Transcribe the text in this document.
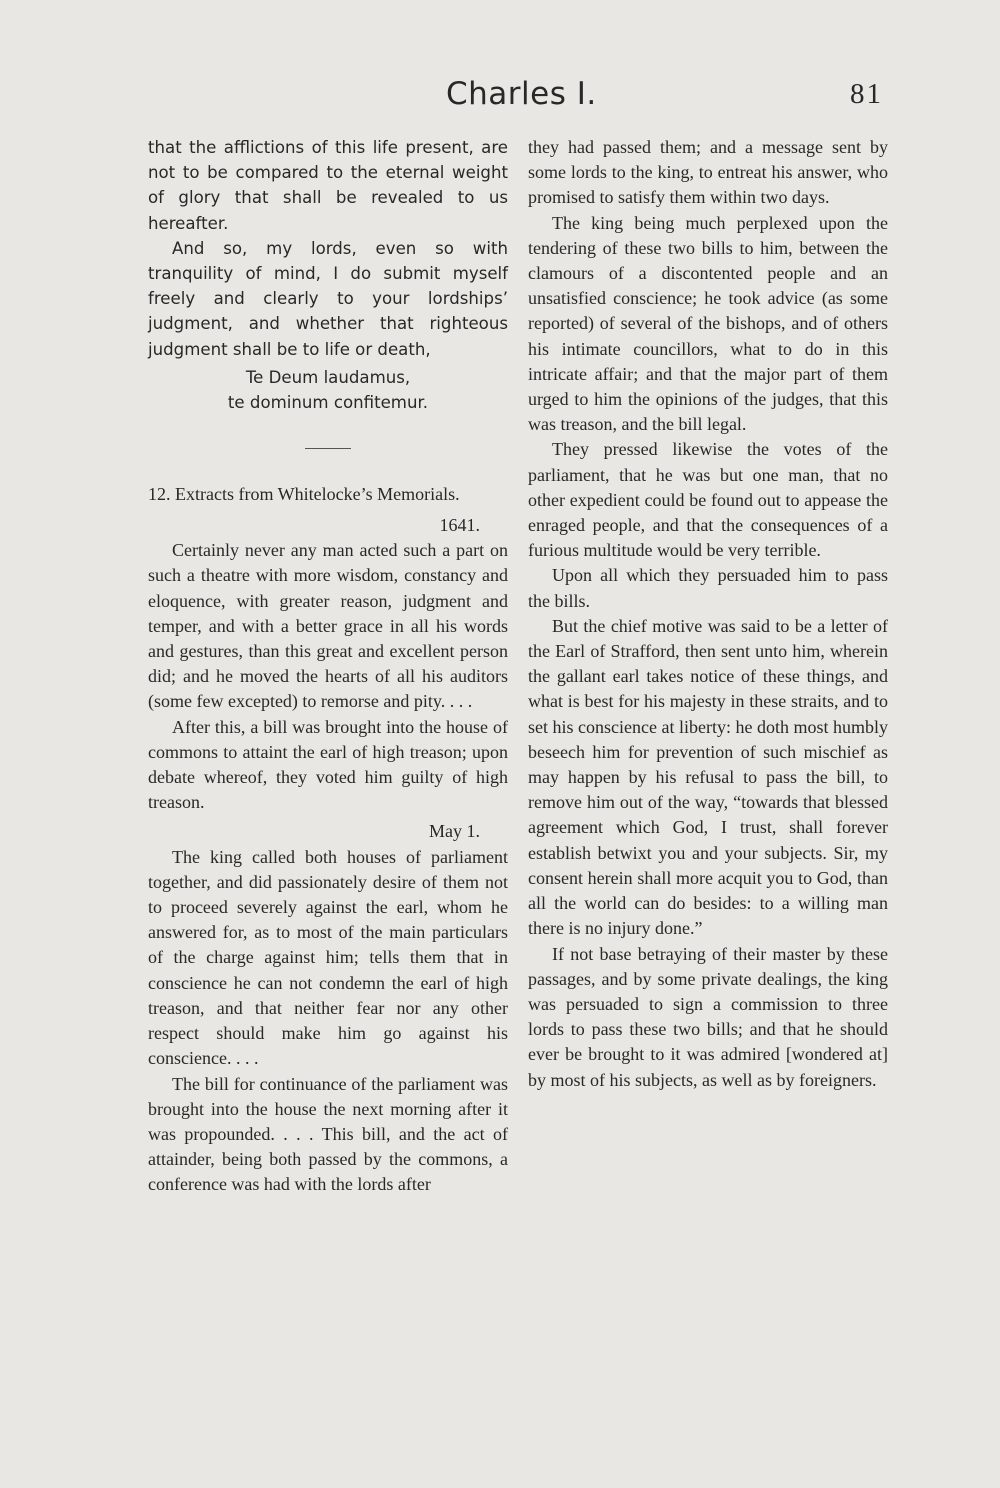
Charles I.	81

that the afflictions of this life present, are not to be compared to the eternal weight of glory that shall be revealed to us hereafter.

And so, my lords, even so with tranquility of mind, I do submit myself freely and clearly to your lordships’ judgment, and whether that righteous judgment shall be to life or death,

Te Deum laudamus,
te dominum confitemur.

12. Extracts from Whitelocke’s Memorials.

1641.

Certainly never any man acted such a part on such a theatre with more wisdom, constancy and eloquence, with greater reason, judgment and temper, and with a better grace in all his words and gestures, than this great and excellent person did; and he moved the hearts of all his auditors (some few excepted) to remorse and pity. . . .

After this, a bill was brought into the house of commons to attaint the earl of high treason; upon debate whereof, they voted him guilty of high treason.

May 1.

The king called both houses of parliament together, and did passionately desire of them not to proceed severely against the earl, whom he answered for, as to most of the main particulars of the charge against him; tells them that in conscience he can not condemn the earl of high treason, and that neither fear nor any other respect should make him go against his conscience. . . .

The bill for continuance of the parliament was brought into the house the next morning after it was propounded. . . . This bill, and the act of attainder, being both passed by the commons, a conference was had with the lords after

they had passed them; and a message sent by some lords to the king, to entreat his answer, who promised to satisfy them within two days.

The king being much perplexed upon the tendering of these two bills to him, between the clamours of a discontented people and an unsatisfied conscience; he took advice (as some reported) of several of the bishops, and of others his intimate councillors, what to do in this intricate affair; and that the major part of them urged to him the opinions of the judges, that this was treason, and the bill legal.

They pressed likewise the votes of the parliament, that he was but one man, that no other expedient could be found out to appease the enraged people, and that the consequences of a furious multitude would be very terrible.

Upon all which they persuaded him to pass the bills.

But the chief motive was said to be a letter of the Earl of Strafford, then sent unto him, wherein the gallant earl takes notice of these things, and what is best for his majesty in these straits, and to set his conscience at liberty: he doth most humbly beseech him for prevention of such mischief as may happen by his refusal to pass the bill, to remove him out of the way, “towards that blessed agreement which God, I trust, shall forever establish betwixt you and your subjects. Sir, my consent herein shall more acquit you to God, than all the world can do besides: to a willing man there is no injury done.”

If not base betraying of their master by these passages, and by some private dealings, the king was persuaded to sign a commission to three lords to pass these two bills; and that he should ever be brought to it was admired [wondered at] by most of his subjects, as well as by foreigners.
